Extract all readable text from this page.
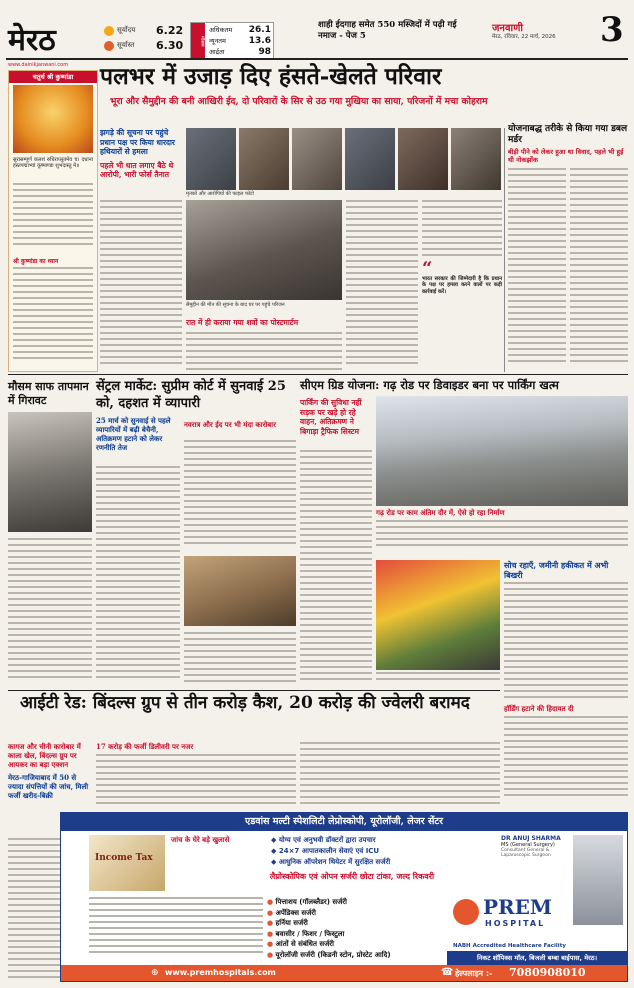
मेरठ	सूर्योदय 6.22
सूर्यास्त 6.30	मौसम
अधिकतम 26.1
न्यूनतम	13.6
आर्द्रता	98
शाही ईदगाह समेत 550 मस्जिदों में पढ़ी गई नमाज - पेज 5
जनवाणी
मेरठ, रविवार, 22 मार्च, 2026	3
www.dainikjanwani.com
चतुर्थ श्री कुष्मांडा
सुरासम्पूर्ण कलशं रुधिराप्लुतमेव च। दधाना हस्तपद्माभ्यां कूष्माण्डा शुभदास्तु मे॥
श्री कुष्मांडा का ध्यान
पलभर में उजाड़ दिए हंसते-खेलते परिवार
भूरा और सैमुद्दीन की बनी आखिरी ईद, दो परिवारों के सिर से उठ गया मुखिया का साया, परिजनों में मचा कोहराम
झगड़े की सूचना पर पहुंचे प्रधान पक्ष पर किया धारदार हथियारों से हमला
पहले भी धात लगाए बैठे थे आरोपी, भारी फोर्स तैनात
मृतकों और आरोपियों की फाइल फोटो
सैमुद्दीन की मौत की सूचना के बाद घर पर पहुंचे परिजन
रात में ही कराया गया शवों का पोस्टमार्टम
“
भारत सरकार की जिम्मेदारी है कि प्रधान के पक्ष पर हमला करने वालों पर कड़ी कार्रवाई करें।
योजनाबद्ध तरीके से किया गया डबल मर्डर
बीड़ी पीने को लेकर हुआ था विवाद, पहले भी हुई थी नोकझोंक
मौसम साफ तापमान में गिरावट
सेंट्रल मार्केट: सुप्रीम कोर्ट में सुनवाई 25 को, दहशत में व्यापारी
25 मार्च को सुनवाई से पहले व्यापारियों में बढ़ी बेचैनी, अतिक्रमण हटाने को लेकर रणनीति तेज
नवरात्र और ईद पर भी मंदा कारोबार
सीएम ग्रिड योजना: गढ़ रोड पर डिवाइडर बना पर पार्किंग खत्म
पार्किंग की सुविधा नहीं सड़क पर खड़े हो रहे वाहन, अतिक्रमण ने बिगाड़ा ट्रैफिक सिस्टम
गढ़ रोड पर काम अंतिम दौर में, ऐसे हो रहा निर्माण
सोच रहाएँ, जमीनी हकीकत में अभी बिखरी
हॉर्डिंग हटाने की हिदायत दी
आईटी रेड: बिंदल्स ग्रुप से तीन करोड़ कैश, 20 करोड़ की ज्वेलरी बरामद
कागज और चीनी कारोबार में काला खेल, बिंदल्स ग्रुप पर आयकर का बड़ा एक्शन
मेरठ-गाजियाबाद में 50 से ज्यादा संपत्तियों की जांच, मिली फर्जी खरीद-बिक्री
17 करोड़ की फर्जी डिलीवरी पर नजर
एडवांस मल्टी स्पेशलिटी लेप्रोस्कोपी, यूरोलॉजी, लेजर सेंटर
◆ योग्य एवं अनुभवी डॉक्टरों द्वारा उपचार
◆ 24×7 आपातकालीन सेवाएं एवं ICU
◆ आधुनिक ऑपरेशन थियेटर में सुरक्षित सर्जरी
लैप्रोस्कोपिक एवं ओपन सर्जरी छोटा टांका, जल्द रिकवरी
● पित्ताशय (गॉलब्लैडर) सर्जरी
● अपेंडिक्स सर्जरी
● हर्निया सर्जरी
● बवासीर / फिशर / फिस्टुला
● आंतों से संबंधित सर्जरी
● यूरोलॉजी सर्जरी (किडनी स्टोन, प्रोस्टेट आदि)
PREM
HOSPITAL
NABH Accredited Healthcare Facility
DR ANUJ SHARMA
MS (General Surgery)
Consultant General & Laparoscopic Surgeon
निकट शॉपिक्स मॉल, बिजली बम्बा बाईपास, मेरठ।
⊕ www.premhospitals.com	☎ हेल्पलाइन :- 7080908010
जांच के घेरे बड़े खुलासे
Income Tax
